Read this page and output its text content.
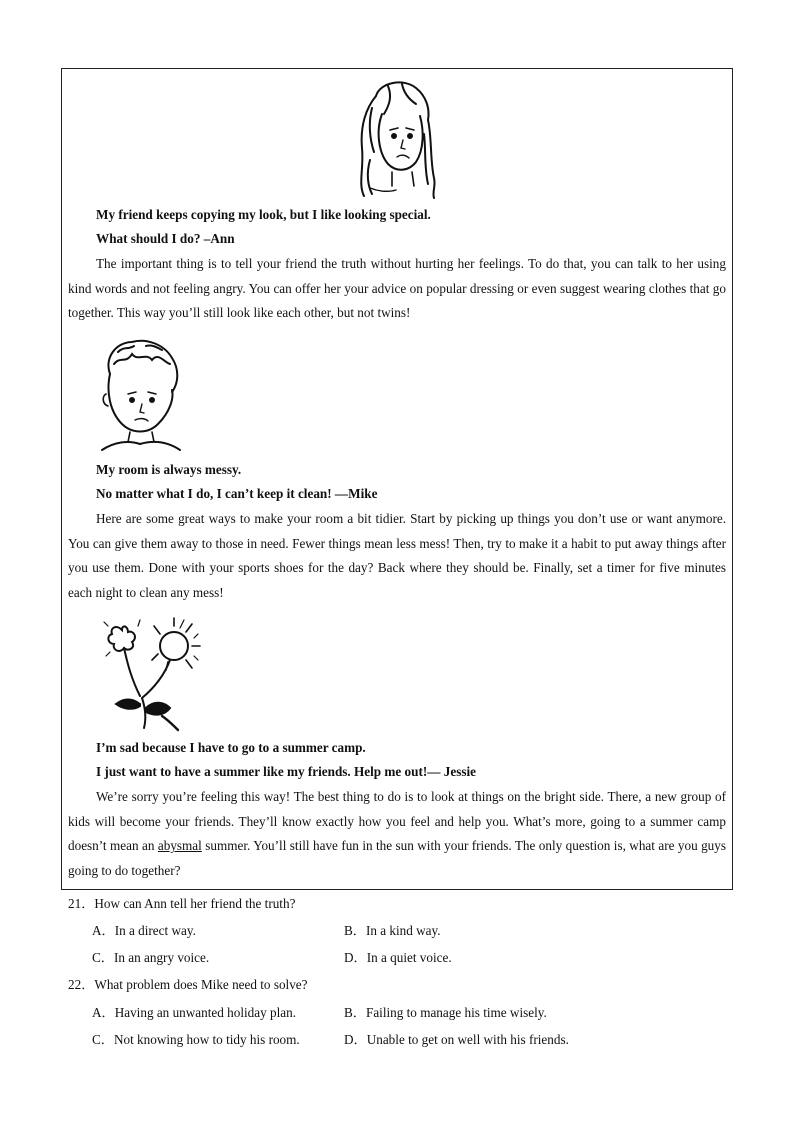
My friend keeps copying my look, but I like looking special.
What should I do? –Ann

The important thing is to tell your friend the truth without hurting her feelings. To do that, you can talk to her using kind words and not feeling angry. You can offer her your advice on popular dressing or even suggest wearing clothes that go together. This way you’ll still look like each other, but not twins!

My room is always messy.
No matter what I do, I can’t keep it clean! —Mike

Here are some great ways to make your room a bit tidier. Start by picking up things you don’t use or want anymore. You can give them away to those in need. Fewer things mean less mess! Then, try to make it a habit to put away things after you use them. Done with your sports shoes for the day? Back where they should be. Finally, set a timer for five minutes each night to clean any mess!

I’m sad because I have to go to a summer camp.
I just want to have a summer like my friends. Help me out!— Jessie

We’re sorry you’re feeling this way! The best thing to do is to look at things on the bright side. There, a new group of kids will become your friends. They’ll know exactly how you feel and help you. What’s more, going to a summer camp doesn’t mean an abysmal summer. You’ll still have fun in the sun with your friends. The only question is, what are you guys going to do together?

21．How can Ann tell her friend the truth?
A．In a direct way.	B．In a kind way.
C．In an angry voice.	D．In a quiet voice.
22．What problem does Mike need to solve?
A．Having an unwanted holiday plan.	B．Failing to manage his time wisely.
C．Not knowing how to tidy his room.	D．Unable to get on well with his friends.
